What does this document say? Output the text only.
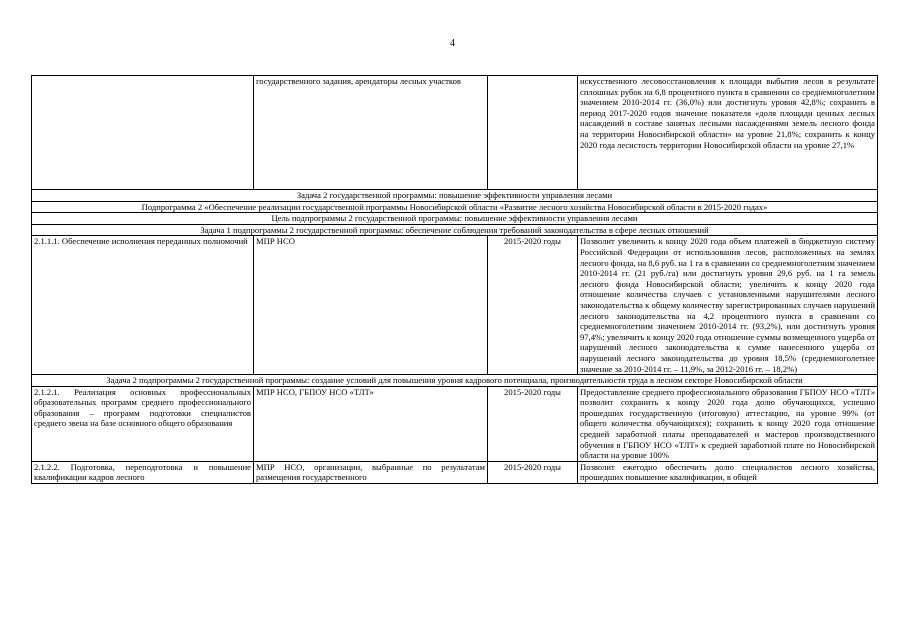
4
	государственного задания, арендаторы лесных участков		искусственного лесовосстановления к площади выбытия лесов в результате сплошных рубок на 6,8 процентного пункта в сравнении со среднемноголетним значением 2010-2014 гг. (36,0%) или достигнуть уровня 42,8%; сохранить в период 2017-2020 годов значение показателя «доля площади ценных лесных насаждений в составе занятых лесными насаждениями земель лесного фонда на территории Новосибирской области» на уровне 21,8%; сохранить к концу 2020 года лесистость территории Новосибирской области на уровне 27,1%
Задача 2 государственной программы: повышение эффективности управления лесами			
Подпрограмма 2 «Обеспечение реализации государственной программы Новосибирской области «Развитие лесного хозяйства Новосибирской области в 2015-2020 годах»			
Цель подпрограммы 2 государственной программы: повышение эффективности управления лесами			
Задача 1 подпрограммы 2 государственной программы: обеспечение соблюдения требований законодательства в сфере лесных отношений			
2.1.1.1. Обеспечение исполнения переданных полномочий	МПР НСО	2015-2020 годы	Позволит увеличить к концу 2020 года объем платежей в бюджетную систему Российской Федерации от использования лесов, расположенных на землях лесного фонда, на 8,6 руб. на 1 га в сравнении со среднемноголетним значением 2010-2014 гг. (21 руб./га) или достигнуть уровня 29,6 руб. на 1 га земель лесного фонда Новосибирской области; увеличить к концу 2020 года отношение количества случаев с установленными нарушителями лесного законодательства к общему количеству зарегистрированных случаев нарушений лесного законодательства на 4,2 процентного пункта в сравнении со среднемноголетним значением 2010-2014 гг. (93,2%), или достигнуть уровня 97,4%; увеличить к концу 2020 года отношение суммы возмещенного ущерба от нарушений лесного законодательства к сумме нанесенного ущерба от нарушений лесного законодательства до уровня 18,5% (среднемноголетнее значение за 2010-2014 гг. – 11,9%, за 2012-2016 гг. – 18,2%)
Задача 2 подпрограммы 2 государственной программы: создание условий для повышения уровня кадрового потенциала, производительности труда в лесном секторе Новосибирской области			
2.1.2.1. Реализация основных профессиональных образовательных программ среднего профессионального образования – программ подготовки специалистов среднего звена на базе основного общего образования	МПР НСО, ГБПОУ НСО «ТЛТ»	2015-2020 годы	Предоставление среднего профессионального образования ГБПОУ НСО «ТЛТ» позволит сохранить к концу 2020 года долю обучающихся, успешно прошедших государственную (итоговую) аттестацию, на уровне 99% (от общего количества обучающихся); сохранить к концу 2020 года отношение средней заработной платы преподавателей и мастеров производственного обучения в ГБПОУ НСО «ТЛТ» к средней заработной плате по Новосибирской области на уровне 100%
2.1.2.2. Подготовка, переподготовка и повышение квалификации кадров лесного	МПР НСО, организации, выбранные по результатам размещения государственного	2015-2020 годы	Позволит ежегодно обеспечить долю специалистов лесного хозяйства, прошедших повышение квалификации, в общей
